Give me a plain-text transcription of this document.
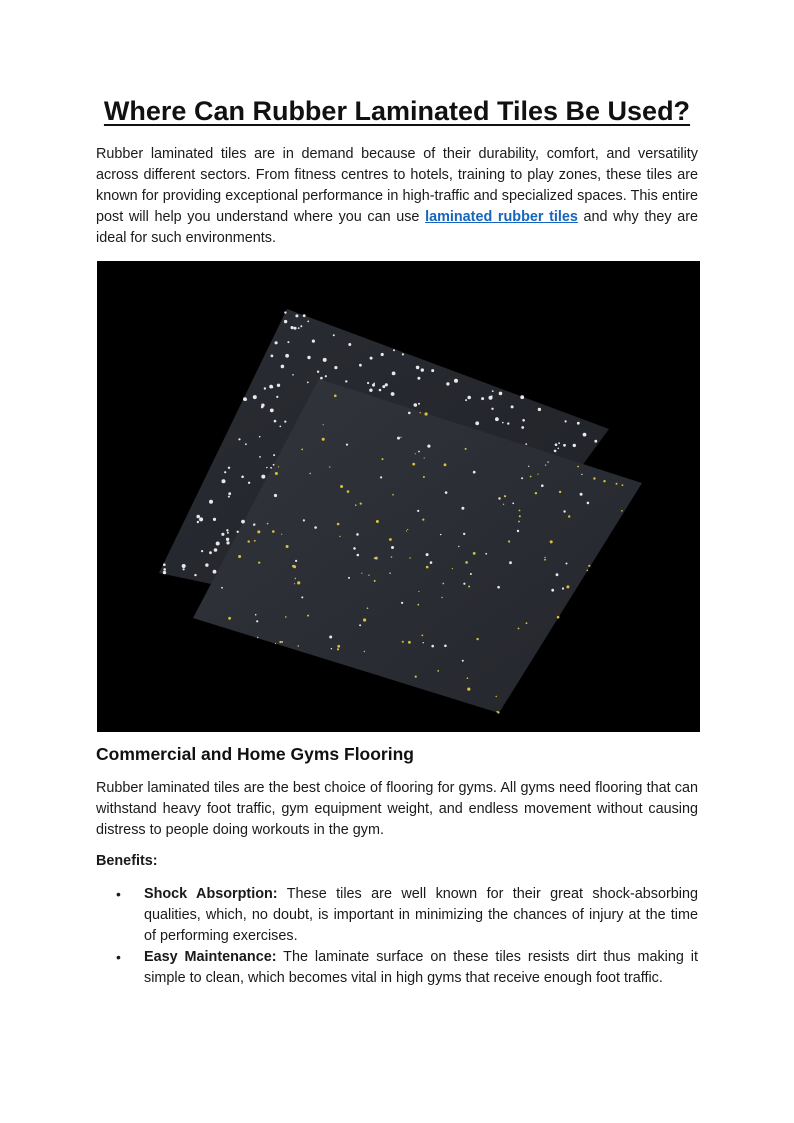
Where Can Rubber Laminated Tiles Be Used?

Rubber laminated tiles are in demand because of their durability, comfort, and versatility across different sectors. From fitness centres to hotels, training to play zones, these tiles are known for providing exceptional performance in high-traffic and specialized spaces. This entire post will help you understand where you can use laminated rubber tiles and why they are ideal for such environments.

Commercial and Home Gyms Flooring

Rubber laminated tiles are the best choice of flooring for gyms. All gyms need flooring that can withstand heavy foot traffic, gym equipment weight, and endless movement without causing distress to people doing workouts in the gym.

Benefits:

• Shock Absorption: These tiles are well known for their great shock-absorbing qualities, which, no doubt, is important in minimizing the chances of injury at the time of performing exercises.
• Easy Maintenance: The laminate surface on these tiles resists dirt thus making it simple to clean, which becomes vital in high gyms that receive enough foot traffic.
